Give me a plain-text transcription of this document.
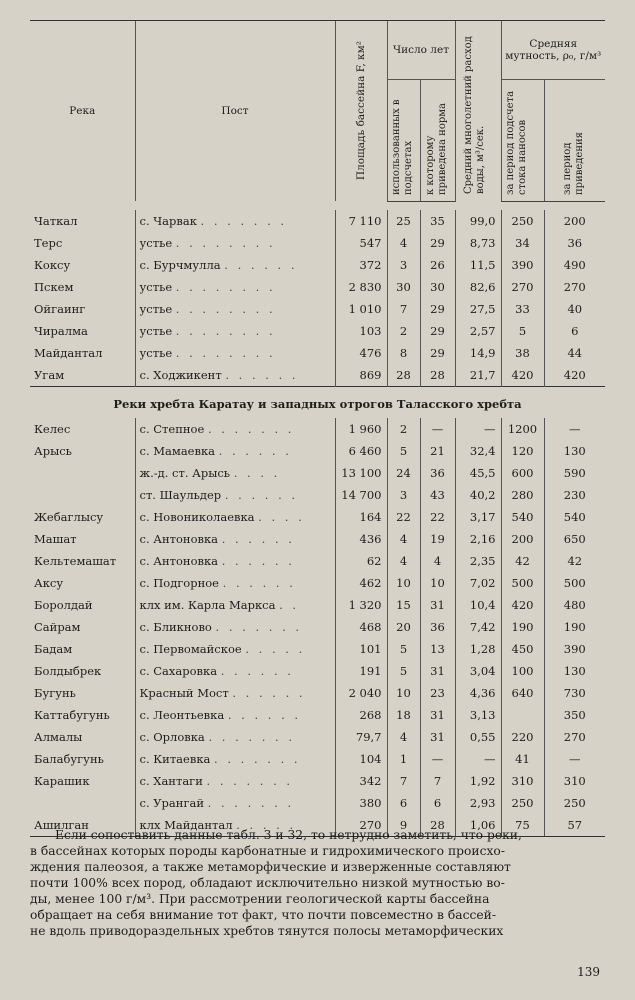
Река	Пост	Площадь бассейна F, км²	Число лет		Средний многолетний расход воды, м³/сек.	Средняя мутность, ρ₀, г/м³	

			использованных в подсчетах	к которому приведена норма		за период подсчета стока наносов	за период приведения

Чаткал	с. Чарвак . . . . . . .	7 110	25	35	99,0	250	200
Терс	устье . . . . . . . .	547	4	29	8,73	34	36
Коксу	с. Бурчмулла . . . . . .	372	3	26	11,5	390	490
Пскем	устье . . . . . . . .	2 830	30	30	82,6	270	270
Ойгаинг	устье . . . . . . . .	1 010	7	29	27,5	33	40
Чиралма	устье . . . . . . . .	103	2	29	2,57	5	6
Майдантал	устье . . . . . . . .	476	8	29	14,9	38	44
Угам	с. Ходжикент . . . . . .	869	28	28	21,7	420	420
Реки хребта Каратау и западных отрогов Таласского хребта							
Келес	с. Степное . . . . . . .	1 960	2	—	—	1200	—
Арысь	с. Мамаевка . . . . . .	6 460	5	21	32,4	120	130
	ж.-д. ст. Арысь . . . .	13 100	24	36	45,5	600	590
	ст. Шаульдер . . . . . .	14 700	3	43	40,2	280	230
Жебаглысу	с. Новониколаевка . . . .	164	22	22	3,17	540	540
Машат	с. Антоновка . . . . . .	436	4	19	2,16	200	650
Кельтемашат	с. Антоновка . . . . . .	62	4	4	2,35	42	42
Аксу	с. Подгорное . . . . . .	462	10	10	7,02	500	500
Боролдай	клх им. Карла Маркса . .	1 320	15	31	10,4	420	480
Сайрам	с. Бликново . . . . . . .	468	20	36	7,42	190	190
Бадам	с. Первомайское . . . . .	101	5	13	1,28	450	390
Болдыбрек	с. Сахаровка . . . . . .	191	5	31	3,04	100	130
Бугунь	Красный Мост . . . . . .	2 040	10	23	4,36	640	730
Каттабугунь	с. Леонтьевка . . . . . .	268	18	31	3,13		350
Алмалы	с. Орловка . . . . . . .	79,7	4	31	0,55	220	270
Балабугунь	с. Китаевка . . . . . . .	104	1	—	—	41	—
Карашик	с. Хантаги . . . . . . .	342	7	7	1,92	310	310
	с. Урангай . . . . . . .	380	6	6	2,93	250	250
Ашилган	клх Майдантал . . . . .	270	9	28	1,06	75	57

Если сопоставить данные табл. 3 и 32, то нетрудно заметить, что реки,

в бассейнах которых породы карбонатные и гидрохимического происхо-

ждения палеозоя, а также метаморфические и изверженные составляют

почти 100% всех пород, обладают исключительно низкой мутностью во-

ды, менее 100 г/м³. При рассмотрении геологической карты бассейна

обращает на себя внимание тот факт, что почти повсеместно в бассей-

не вдоль приводораздельных хребтов тянутся полосы метаморфических

139
